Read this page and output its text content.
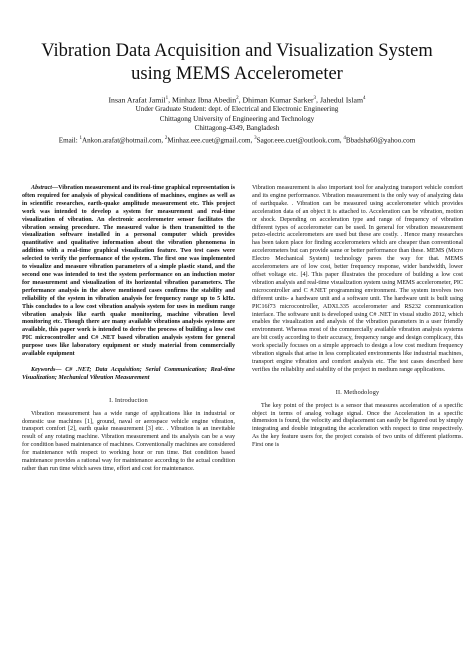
Vibration Data Acquisition and Visualization System
using MEMS Accelerometer
Insan Arafat Jamil$^1$, Minhaz Ibna Abedin$^2$, Dhiman Kumar Sarker$^3$, Jahedul Islam$^4$
Under Graduate Student: dept. of Electrical and Electronic Engineering
Chittagong University of Engineering and Technology
Chittagong-4349, Bangladesh
Email: $^1$Ankon.arafat@hotmail.com, $^2$Minhaz.eee.cuet@gmail.com, $^3$Sagor.eee.cuet@outlook.com, $^4$Bbadsha60@yahoo.com

Abstract—Vibration measurement and its real-time graphical representation is often required for analysis of physical conditions of machines, engines as well as in scientific researches, earth-quake amplitude measurement etc. This project work was intended to develop a system for measurement and real-time visualization of vibration. An electronic accelerometer sensor facilitates the vibration sensing procedure. The measured value is then transmitted to the visualization software installed in a personal computer which provides quantitative and qualitative information about the vibration phenomena in addition with a real-time graphical visualization feature. Two test cases were selected to verify the performance of the system. The first one was implemented to visualize and measure vibration parameters of a simple plastic stand, and the second one was intended to test the system performance on an induction motor for measurement and visualization of its horizontal vibration parameters. The performance analysis in the above mentioned cases confirms the stability and reliability of the system in vibration analysis for frequency range up to 5 kHz. This concludes to a low cost vibration analysis system for uses in medium range vibration analysis like earth quake monitoring, machine vibration level monitoring etc. Though there are many available vibrations analysis systems are available, this paper work is intended to derive the process of building a low cost PIC microcontroller and C# .NET based vibration analysis system for general purpose uses like laboratory equipment or study material from commercially available equipment

Keywords— C# .NET; Data Acquisition; Serial Communication; Real-time Visualization; Mechanical Vibration Measurement

I. Introduction

Vibration measurement has a wide range of applications like in industrial or domestic use machines [1], ground, naval or aerospace vehicle engine vibration, transport comfort [2], earth quake measurement [3] etc. . Vibration is an inevitable result of any rotating machine. Vibration measurement and its analysis can be a way for condition based maintenance of machines. Conventionally machines are considered for maintenance with respect to working hour or run time. But condition based maintenance provides a rational way for maintenance according to the actual condition rather than run time which saves time, effort and cost for maintenance.

Vibration measurement is also important tool for analyzing transport vehicle comfort and its engine performance. Vibration measurement is the only way of analyzing data of earthquake. . Vibration can be measured using accelerometer which provides acceleration data of an object it is attached to. Acceleration can be vibration, motion or shock. Depending on acceleration type and range of frequency of vibration different types of accelerometer can be used. In general for vibration measurement peizo-electric accelerometers are used but these are costly. . Hence many researches has been taken place for finding accelerometers which are cheaper than conventional accelerometers but can provide same or better performance than these. MEMS (Micro Electro Mechanical System) technology paves the way for that. MEMS accelerometers are of low cost, better frequency response, wider bandwidth, lower offset voltage etc. [4]. This paper illustrates the procedure of building a low cost vibration analysis and real-time visualization system using MEMS accelerometer, PIC microcontroller and C #.NET programming environment. The system involves two different units- a hardware unit and a software unit. The hardware unit is built using PIC16f73 microcontroller, ADXL335 accelerometer and RS232 communication interface. The software unit is developed using C# .NET in visual studio 2012, which enables the visualization and analysis of the vibration parameters in a user friendly environment. Whereas most of the commercially available vibration analysis systems are bit costly according to their accuracy, frequency range and design complicacy, this work specially focuses on a simple approach to design a low cost medium frequency vibration signals that arise in less complicated environments like industrial machines, transport engine vibration and comfort analysis etc. The test cases described here verifies the reliability and stability of the project in medium range applications.

II. Methodology

The key point of the project is a sensor that measures acceleration of a specific object in terms of analog voltage signal. Once the Acceleration in a specific dimension is found, the velocity and displacement can easily be figured out by simply integrating and double integrating the acceleration with respect to time respectively. As the key feature users for, the project consists of two units of different platforms. First one is
